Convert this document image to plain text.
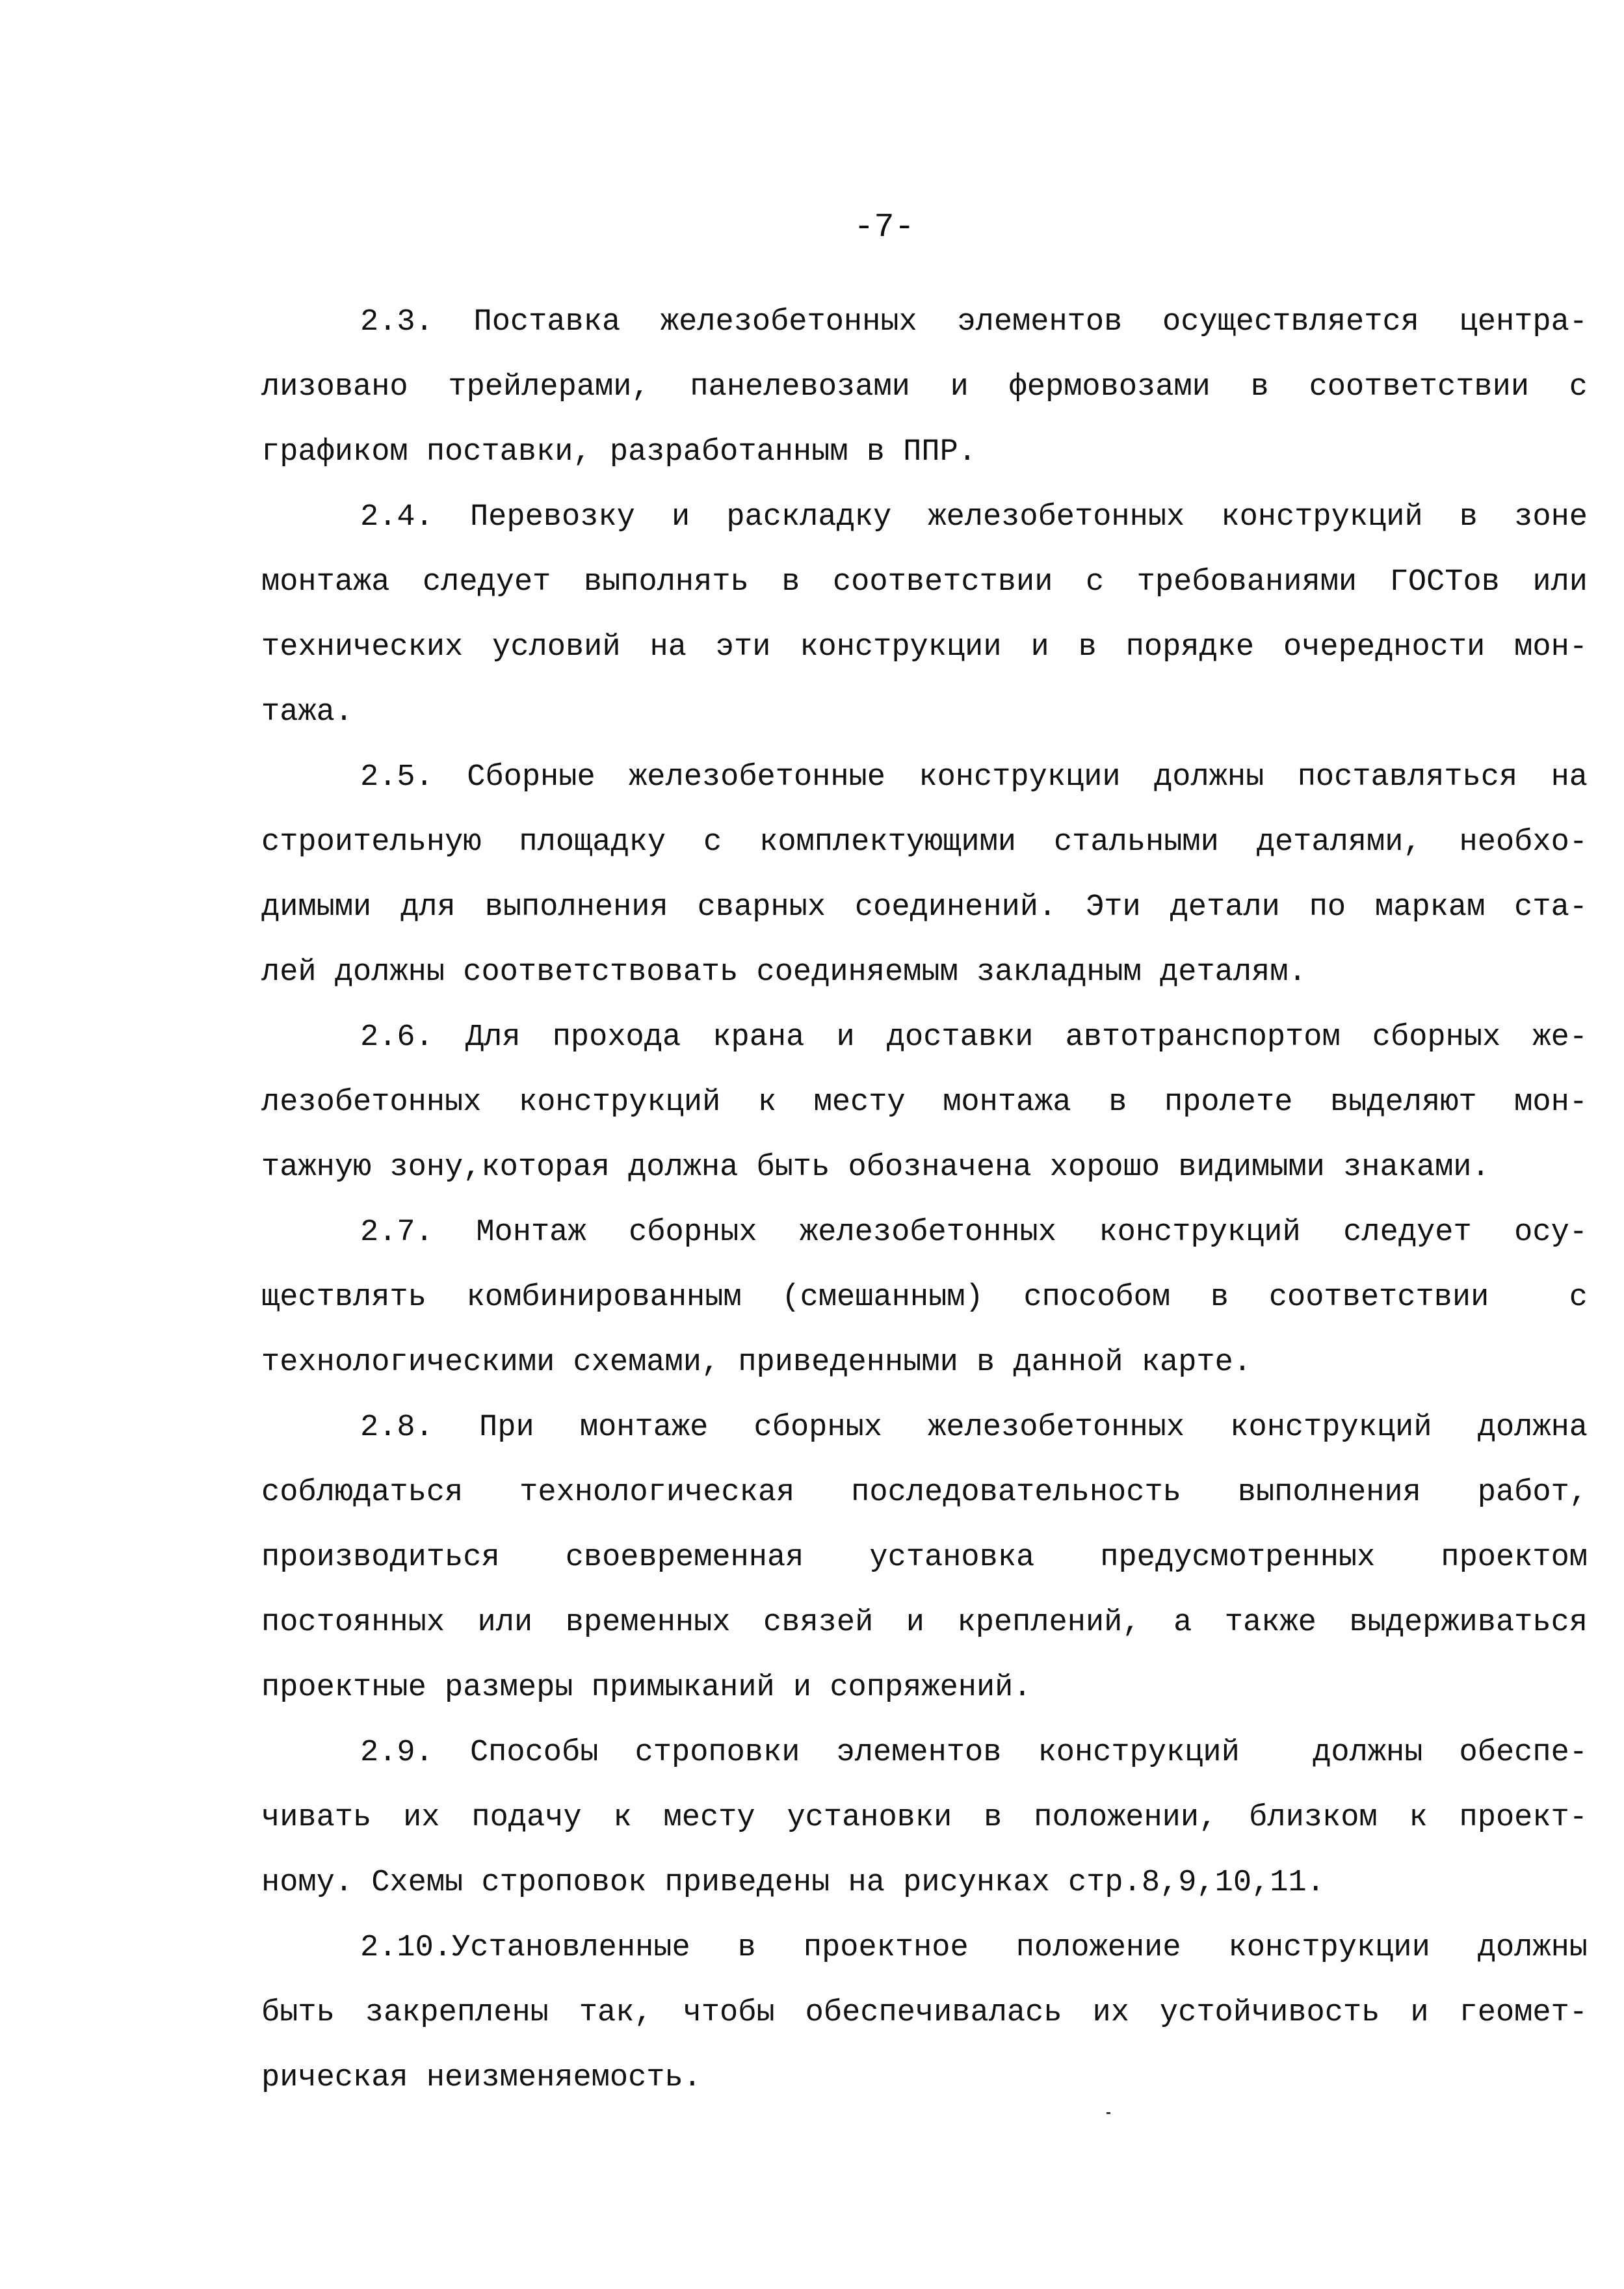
-7-
2.3. Поставка железобетонных элементов осуществляется центра-
лизовано трейлерами, панелевозами и фермовозами в соответствии с
графиком поставки, разработанным в ППР.
2.4. Перевозку и раскладку железобетонных конструкций в зоне
монтажа следует выполнять в соответствии с требованиями ГОСТов или
технических условий на эти конструкции и в порядке очередности мон-
тажа.
2.5. Сборные железобетонные конструкции должны поставляться на
строительную площадку с комплектующими стальными деталями, необхо-
димыми для выполнения сварных соединений. Эти детали по маркам ста-
лей должны соответствовать соединяемым закладным деталям.
2.6. Для прохода крана и доставки автотранспортом сборных же-
лезобетонных конструкций к месту монтажа в пролете выделяют мон-
тажную зону,которая должна быть обозначена хорошо видимыми знаками.
2.7. Монтаж сборных железобетонных конструкций следует осу-
ществлять комбинированным (смешанным) способом в соответствии  с
технологическими схемами, приведенными в данной карте.
2.8. При монтаже сборных железобетонных конструкций должна
соблюдаться технологическая последовательность выполнения работ,
производиться своевременная установка предусмотренных проектом
постоянных или временных связей и креплений, а также выдерживаться
проектные размеры примыканий и сопряжений.
2.9. Способы строповки элементов конструкций  должны обеспе-
чивать их подачу к месту установки в положении, близком к проект-
ному. Схемы строповок приведены на рисунках стр.8,9,10,11.
2.10.Установленные в проектное положение конструкции должны
быть закреплены так, чтобы обеспечивалась их устойчивость и геомет-
рическая неизменяемость.
